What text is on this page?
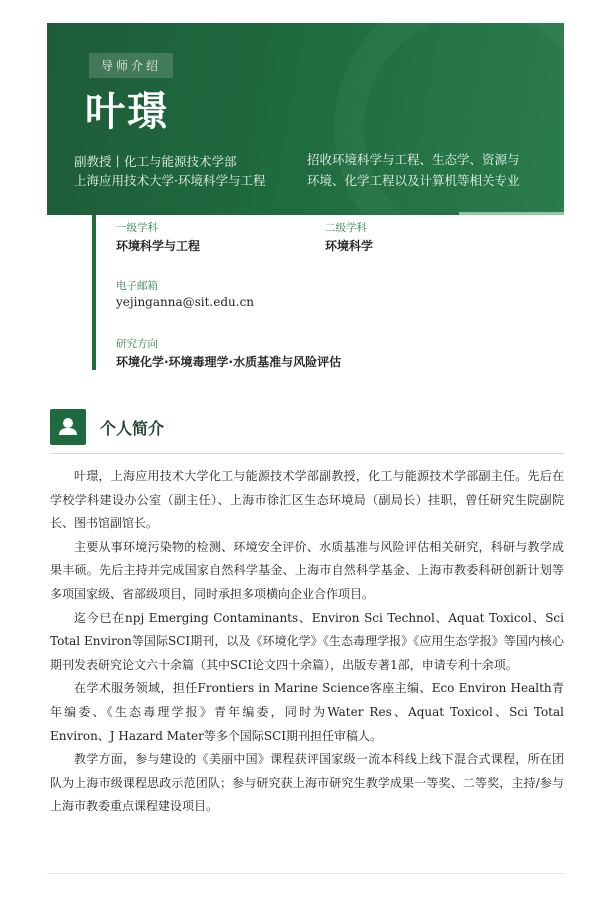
导师介绍
叶璟
副教授丨化工与能源技术学部
上海应用技术大学·环境科学与工程
招收环境科学与工程、生态学、资源与
环境、化学工程以及计算机等相关专业
一级学科
环境科学与工程
二级学科
环境科学
电子邮箱
yejinganna@sit.edu.cn
研究方向
环境化学·环境毒理学·水质基准与风险评估
个人简介

叶璟，上海应用技术大学化工与能源技术学部副教授，化工与能源技术学部副主任。先后在学校学科建设办公室（副主任）、上海市徐汇区生态环境局（副局长）挂职，曾任研究生院副院长、图书馆副馆长。

主要从事环境污染物的检测、环境安全评价、水质基准与风险评估相关研究，科研与教学成果丰硕。先后主持并完成国家自然科学基金、上海市自然科学基金、上海市教委科研创新计划等多项国家级、省部级项目，同时承担多项横向企业合作项目。

迄今已在npj Emerging Contaminants、Environ Sci Technol、Aquat Toxicol、Sci Total Environ等国际SCI期刊，以及《环境化学》《生态毒理学报》《应用生态学报》等国内核心期刊发表研究论文六十余篇（其中SCI论文四十余篇），出版专著1部，申请专利十余项。

在学术服务领域，担任Frontiers in Marine Science客座主编、Eco Environ Health青年编委、《生态毒理学报》青年编委，同时为Water Res、Aquat Toxicol、Sci Total Environ、J Hazard Mater等多个国际SCI期刊担任审稿人。

教学方面，参与建设的《美丽中国》课程获评国家级一流本科线上线下混合式课程，所在团队为上海市级课程思政示范团队；参与研究获上海市研究生教学成果一等奖、二等奖，主持/参与上海市教委重点课程建设项目。
